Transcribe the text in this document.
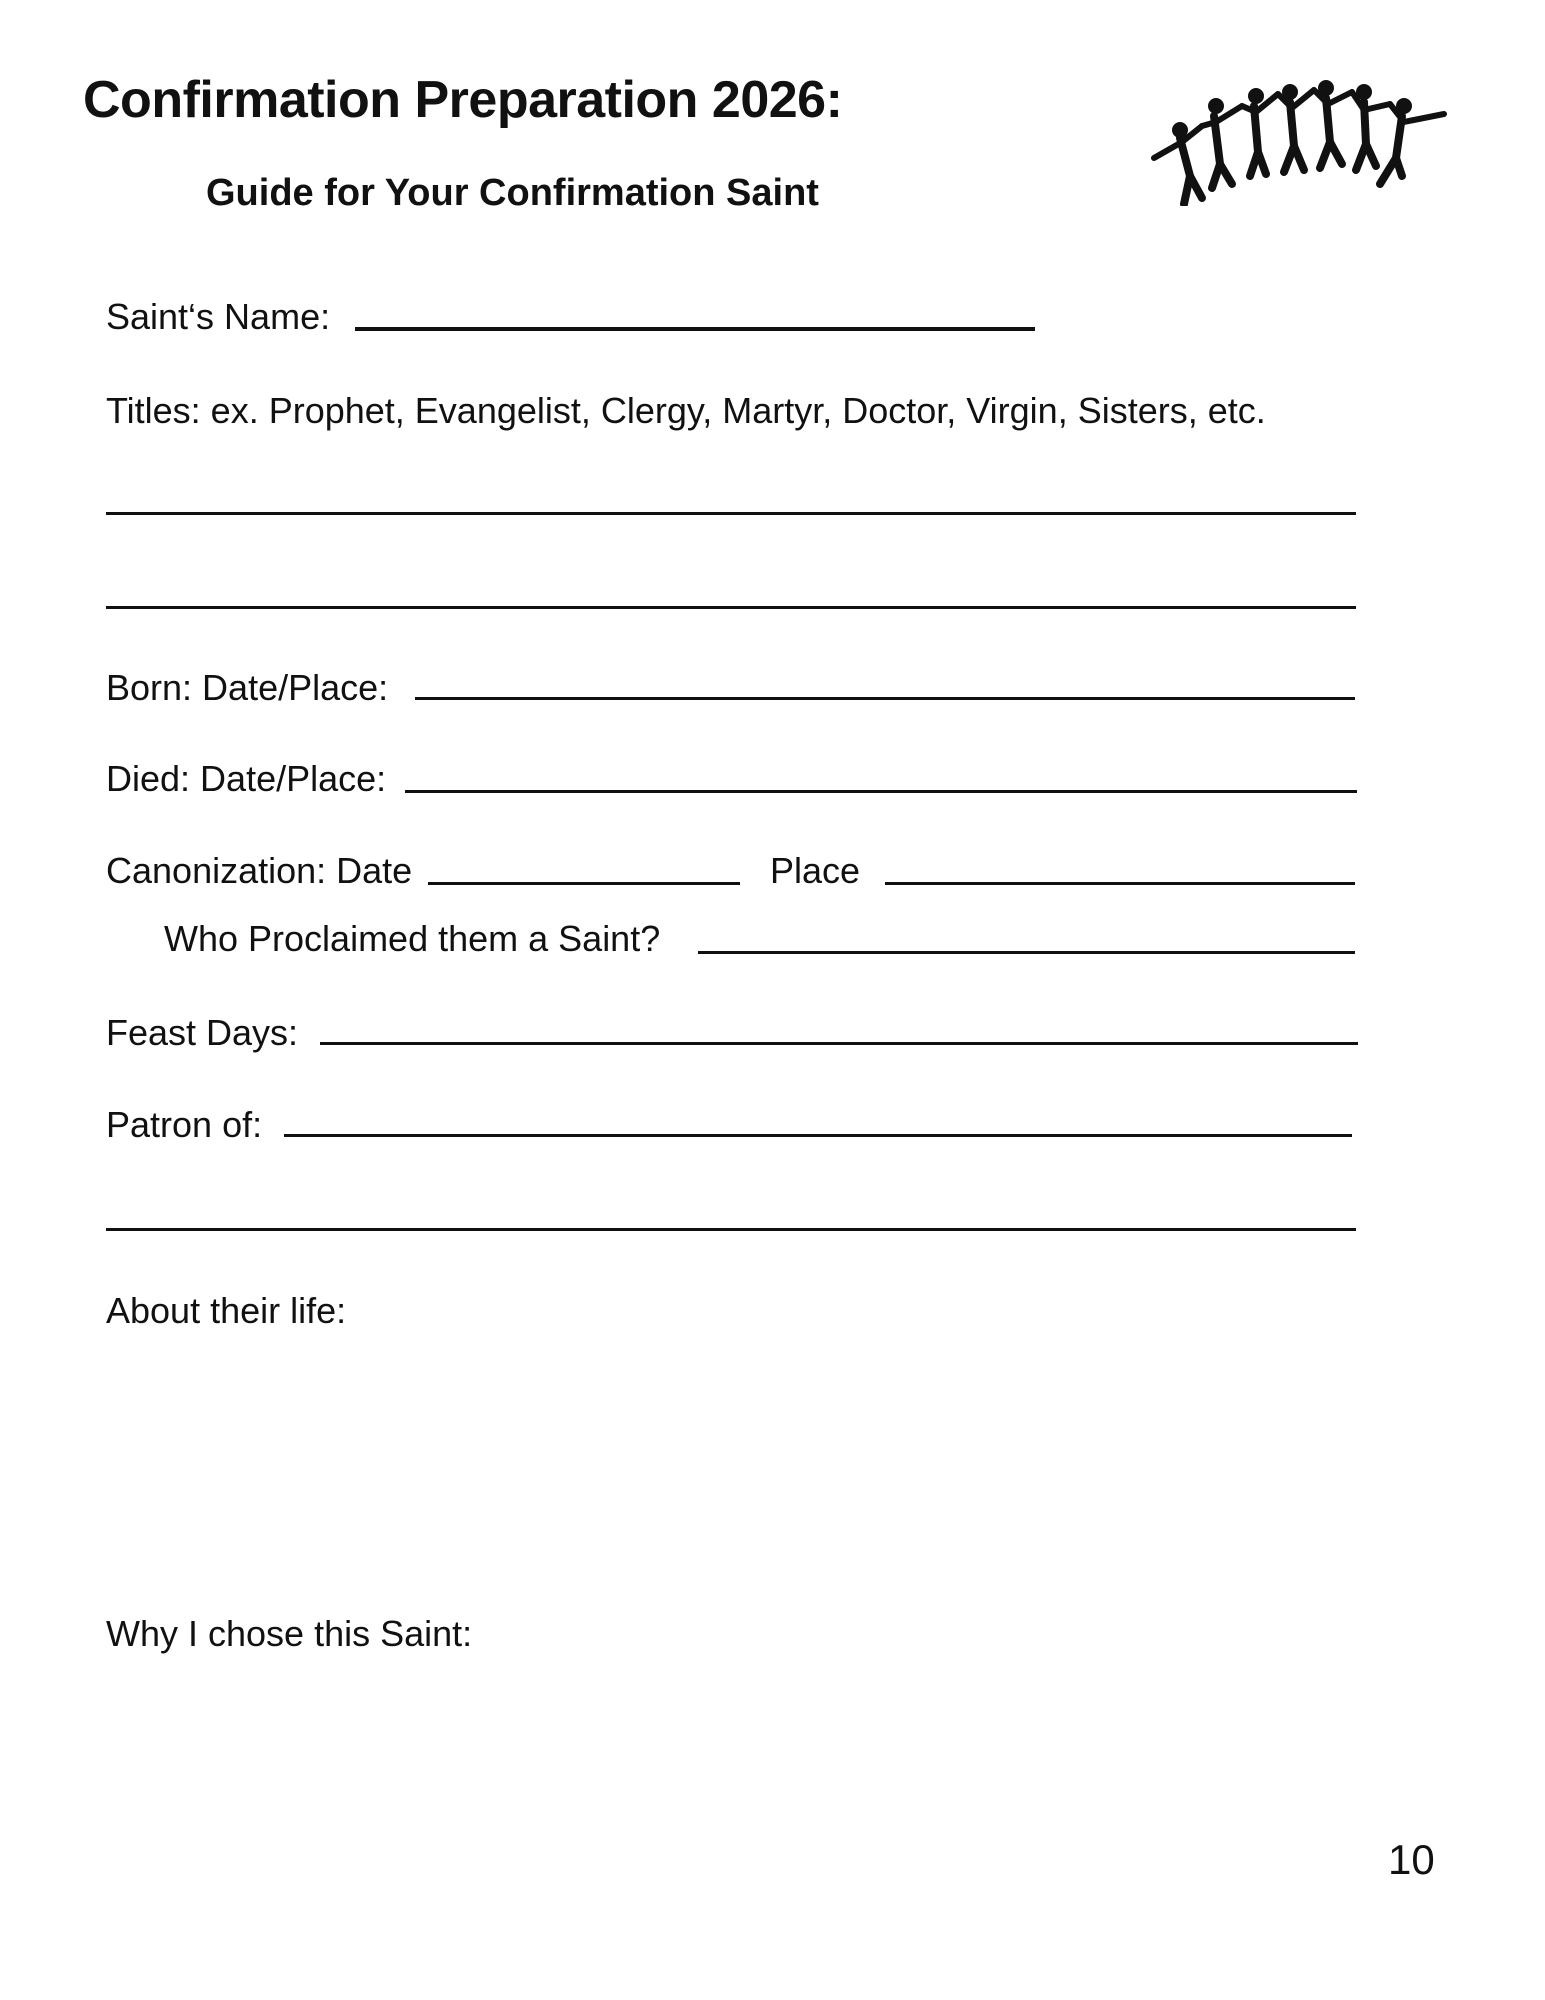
Confirmation Preparation 2026:
Guide for Your Confirmation Saint
Saint‘s Name:
Titles: ex. Prophet, Evangelist, Clergy, Martyr, Doctor, Virgin, Sisters, etc.
Born: Date/Place:
Died: Date/Place:
Canonization: Date	Place
Who Proclaimed them a Saint?
Feast Days:
Patron of:
About their life:
Why I chose this Saint:
10
